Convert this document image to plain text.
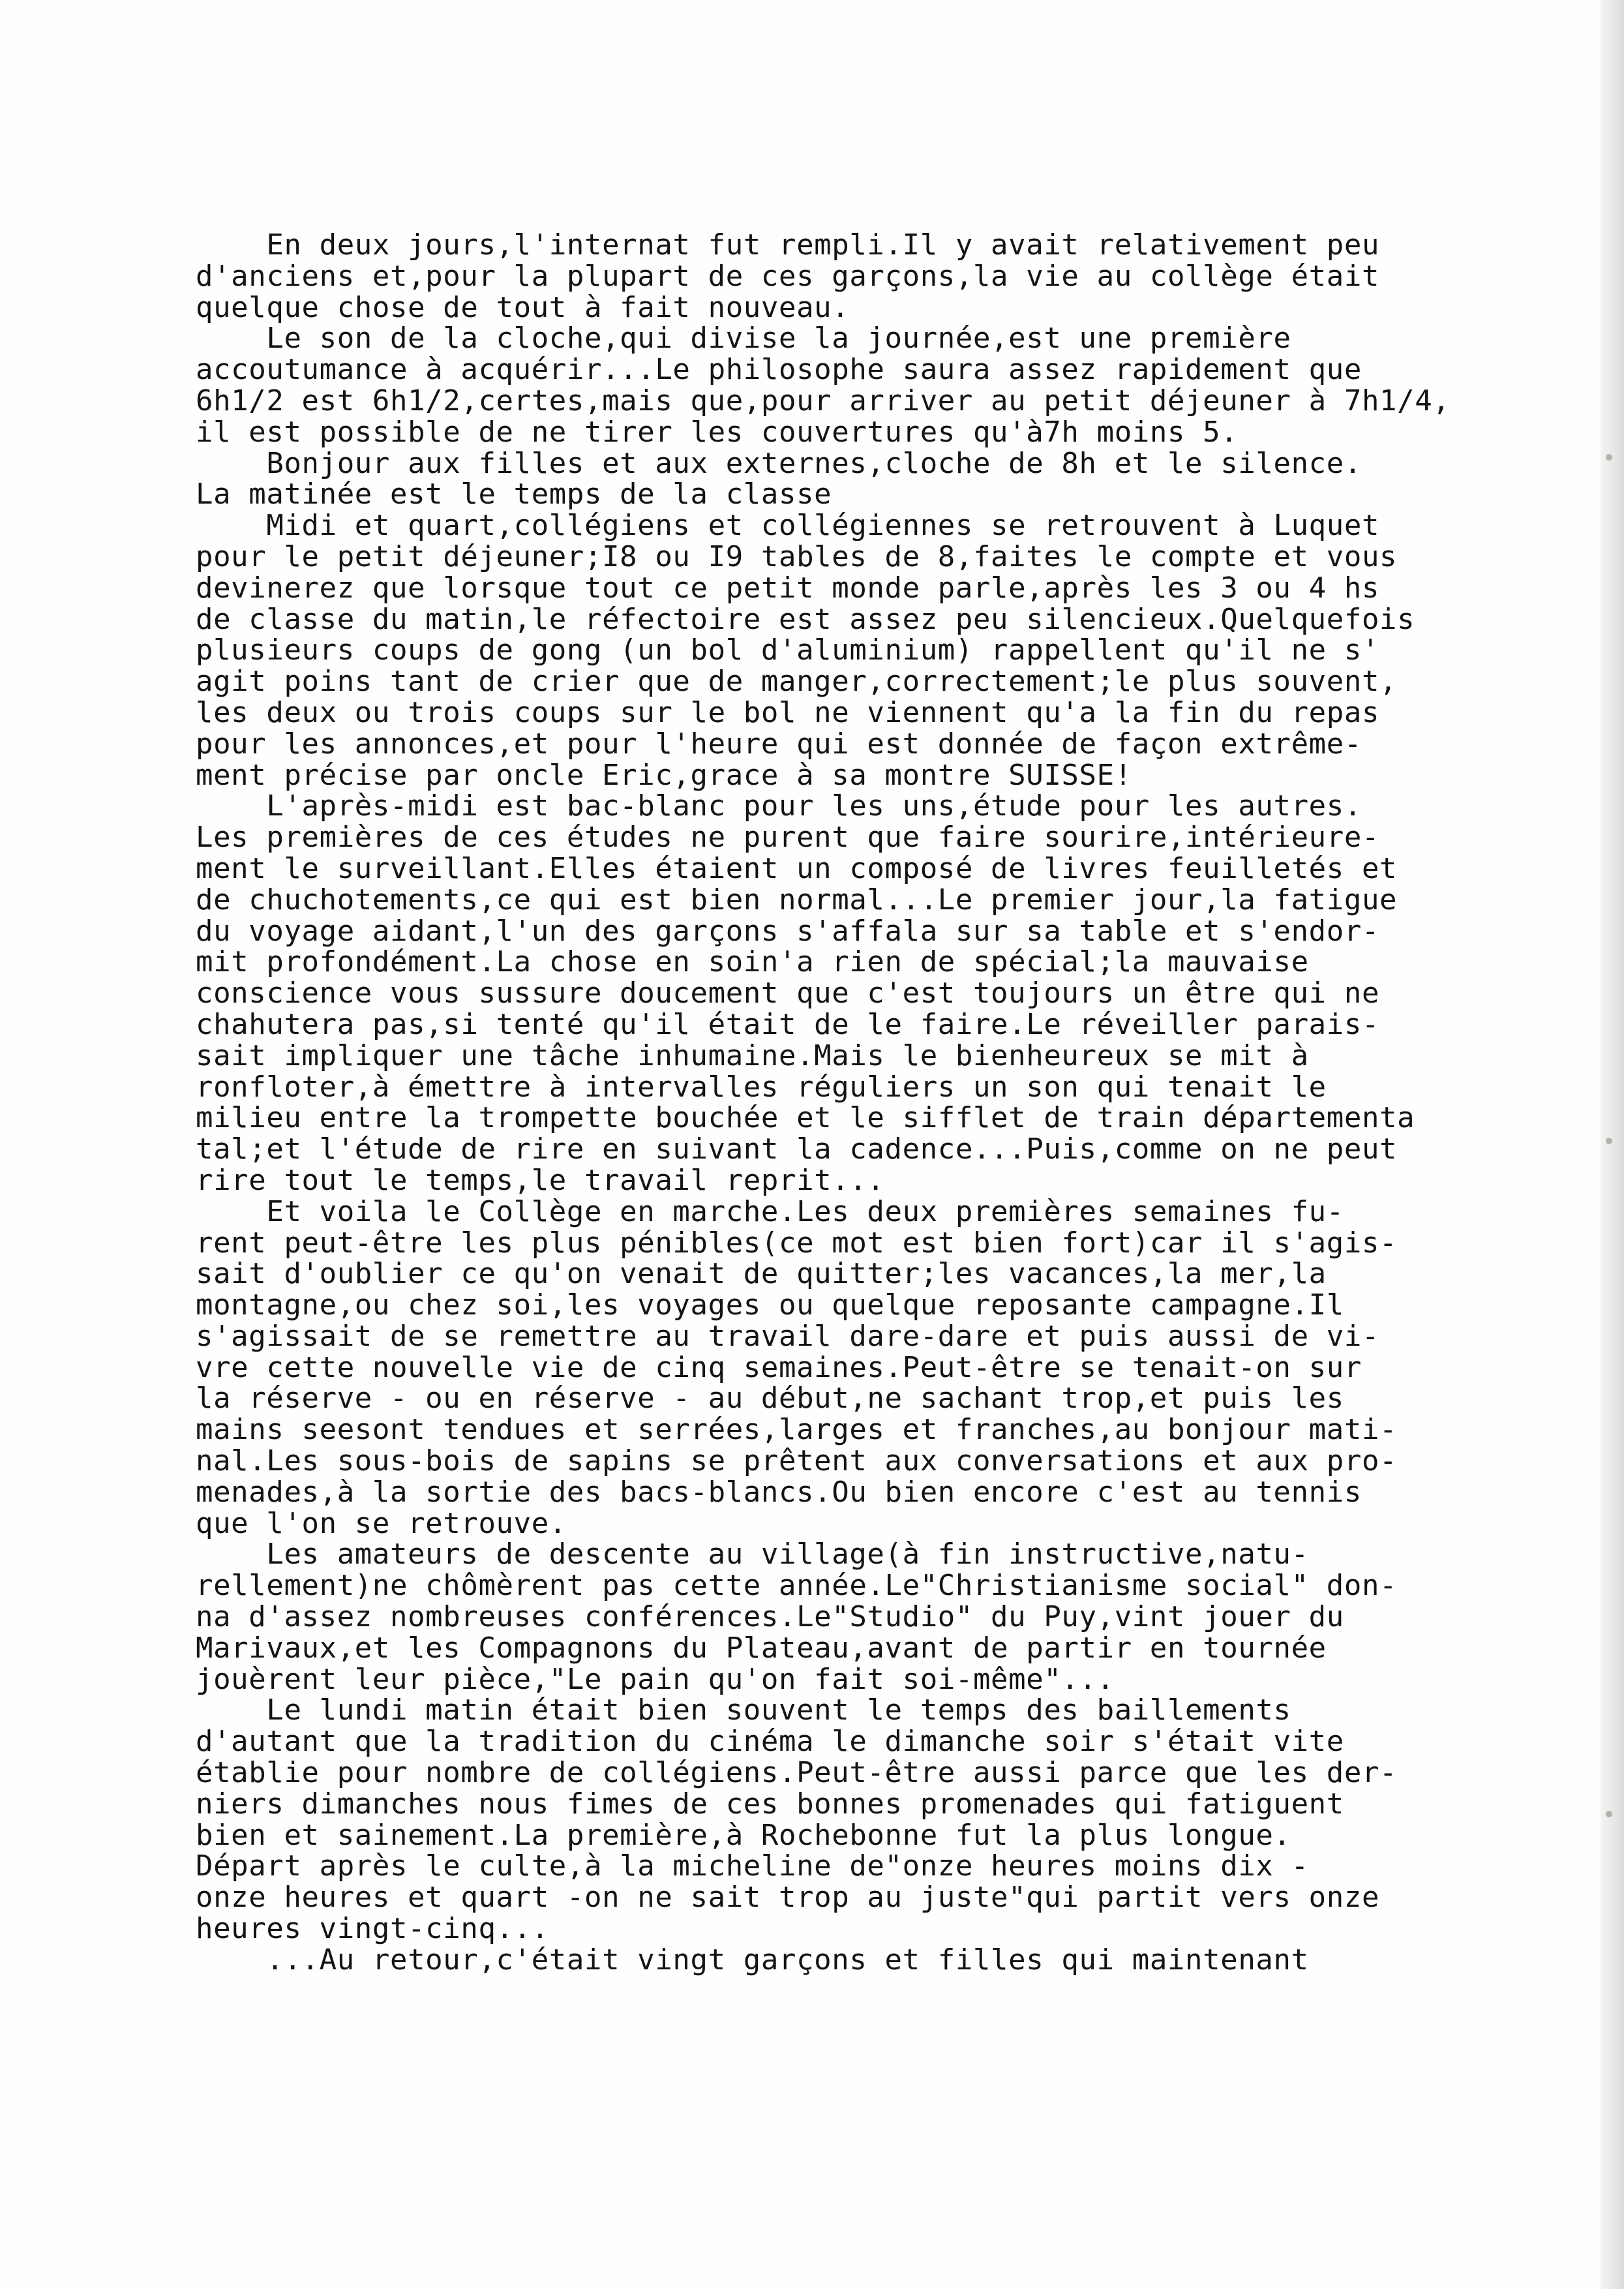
En deux jours,l'internat fut rempli.Il y avait relativement peu
d'anciens et,pour la plupart de ces garçons,la vie au collège était
quelque chose de tout à fait nouveau.
Le son de la cloche,qui divise la journée,est une première
accoutumance à acquérir...Le philosophe saura assez rapidement que
6h1/2 est 6h1/2,certes,mais que,pour arriver au petit déjeuner à 7h1/4,
il est possible de ne tirer les couvertures qu'à7h moins 5.
Bonjour aux filles et aux externes,cloche de 8h et le silence.
La matinée est le temps de la classe
Midi et quart,collégiens et collégiennes se retrouvent à Luquet
pour le petit déjeuner;I8 ou I9 tables de 8,faites le compte et vous
devinerez que lorsque tout ce petit monde parle,après les 3 ou 4 hs
de classe du matin,le réfectoire est assez peu silencieux.Quelquefois
plusieurs coups de gong (un bol d'aluminium) rappellent qu'il ne s'
agit poins tant de crier que de manger,correctement;le plus souvent,
les deux ou trois coups sur le bol ne viennent qu'a la fin du repas
pour les annonces,et pour l'heure qui est donnée de façon extrême-
ment précise par oncle Eric,grace à sa montre SUISSE!
L'après-midi est bac-blanc pour les uns,étude pour les autres.
Les premières de ces études ne purent que faire sourire,intérieure-
ment le surveillant.Elles étaient un composé de livres feuilletés et
de chuchotements,ce qui est bien normal...Le premier jour,la fatigue
du voyage aidant,l'un des garçons s'affala sur sa table et s'endor-
mit profondément.La chose en soin'a rien de spécial;la mauvaise
conscience vous sussure doucement que c'est toujours un être qui ne
chahutera pas,si tenté qu'il était de le faire.Le réveiller parais-
sait impliquer une tâche inhumaine.Mais le bienheureux se mit à
ronfloter,à émettre à intervalles réguliers un son qui tenait le
milieu entre la trompette bouchée et le sifflet de train départementa
tal;et l'étude de rire en suivant la cadence...Puis,comme on ne peut
rire tout le temps,le travail reprit...
Et voila le Collège en marche.Les deux premières semaines fu-
rent peut-être les plus pénibles(ce mot est bien fort)car il s'agis-
sait d'oublier ce qu'on venait de quitter;les vacances,la mer,la
montagne,ou chez soi,les voyages ou quelque reposante campagne.Il
s'agissait de se remettre au travail dare-dare et puis aussi de vi-
vre cette nouvelle vie de cinq semaines.Peut-être se tenait-on sur
la réserve - ou en réserve - au début,ne sachant trop,et puis les
mains seesont tendues et serrées,larges et franches,au bonjour mati-
nal.Les sous-bois de sapins se prêtent aux conversations et aux pro-
menades,à la sortie des bacs-blancs.Ou bien encore c'est au tennis
que l'on se retrouve.
Les amateurs de descente au village(à fin instructive,natu-
rellement)ne chômèrent pas cette année.Le"Christianisme social" don-
na d'assez nombreuses conférences.Le"Studio" du Puy,vint jouer du
Marivaux,et les Compagnons du Plateau,avant de partir en tournée
jouèrent leur pièce,"Le pain qu'on fait soi-même"...
Le lundi matin était bien souvent le temps des baillements
d'autant que la tradition du cinéma le dimanche soir s'était vite
établie pour nombre de collégiens.Peut-être aussi parce que les der-
niers dimanches nous fimes de ces bonnes promenades qui fatiguent
bien et sainement.La première,à Rochebonne fut la plus longue.
Départ après le culte,à la micheline de"onze heures moins dix -
onze heures et quart -on ne sait trop au juste"qui partit vers onze
heures vingt-cinq...
...Au retour,c'était vingt garçons et filles qui maintenant
